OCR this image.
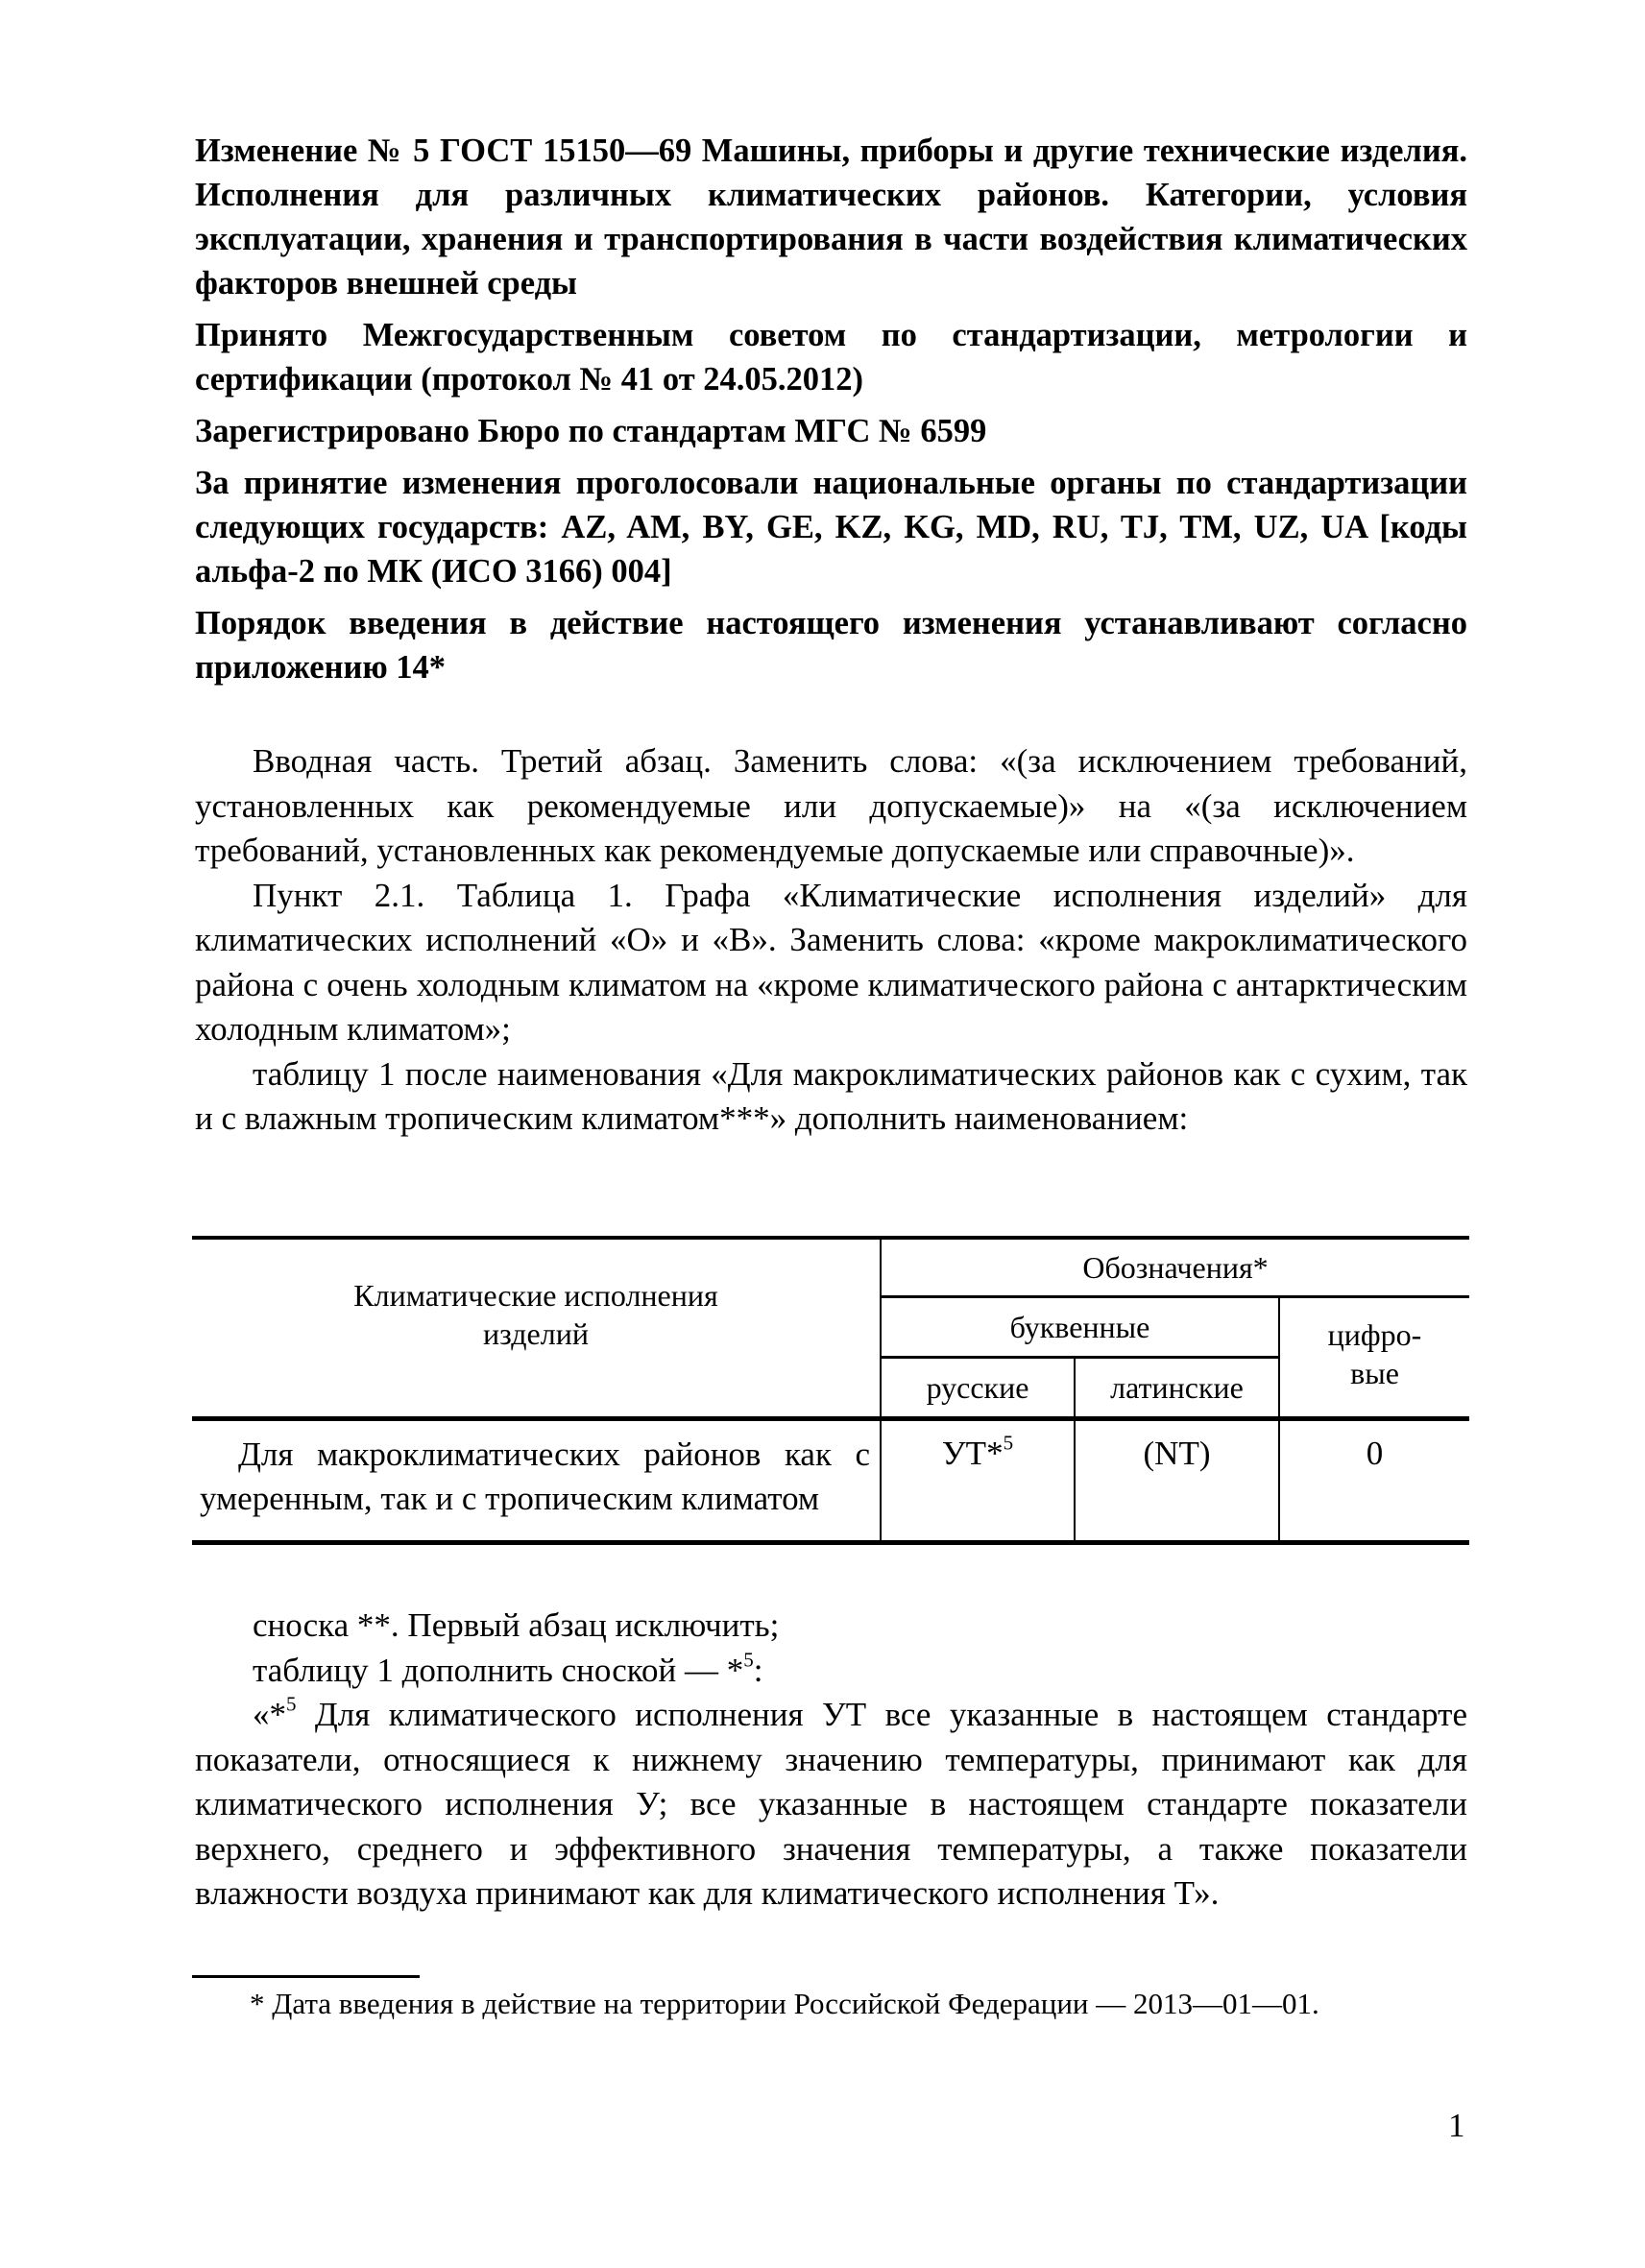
Изменение № 5 ГОСТ 15150—69 Машины, приборы и другие технические изделия. Исполнения для различных климатических районов. Категории, условия эксплуатации, хранения и транспортирования в части воздействия климатических факторов внешней среды

Принято Межгосударственным советом по стандартизации, метрологии и сертификации (протокол № 41 от 24.05.2012)

Зарегистрировано Бюро по стандартам МГС № 6599

За принятие изменения проголосовали национальные органы по стандартизации следующих государств: AZ, AM, BY, GE, KZ, KG, MD, RU, TJ, TM, UZ, UA [коды альфа-2 по МК (ИСО 3166) 004]

Порядок введения в действие настоящего изменения устанавливают согласно приложению 14*

Вводная часть. Третий абзац. Заменить слова: «(за исключением требований, установленных как рекомендуемые или допускаемые)» на «(за исключением требований, установленных как рекомендуемые допускаемые или справочные)».

Пункт 2.1. Таблица 1. Графа «Климатические исполнения изделий» для климатических исполнений «О» и «В». Заменить слова: «кроме макроклиматического района с очень холодным климатом на «кроме климатического района с антарктическим холодным климатом»;

таблицу 1 после наименования «Для макроклиматических районов как с сухим, так и с влажным тропическим климатом***» дополнить наименованием:

Климатические исполнения изделий	Обозначения*		
	буквенные		цифро-вые

	русские	латинские	
Для макроклиматических районов как с умеренным, так и с тропическим климатом	УТ*$^5$	(NT)	0

сноска **. Первый абзац исключить;

таблицу 1 дополнить сноской — *$^5$:

«*$^5$ Для климатического исполнения УТ все указанные в настоящем стандарте показатели, относящиеся к нижнему значению температуры, принимают как для климатического исполнения У; все указанные в настоящем стандарте показатели верхнего, среднего и эффективного значения температуры, а также показатели влажности воздуха принимают как для климатического исполнения Т».

* Дата введения в действие на территории Российской Федерации — 2013—01—01.

1
